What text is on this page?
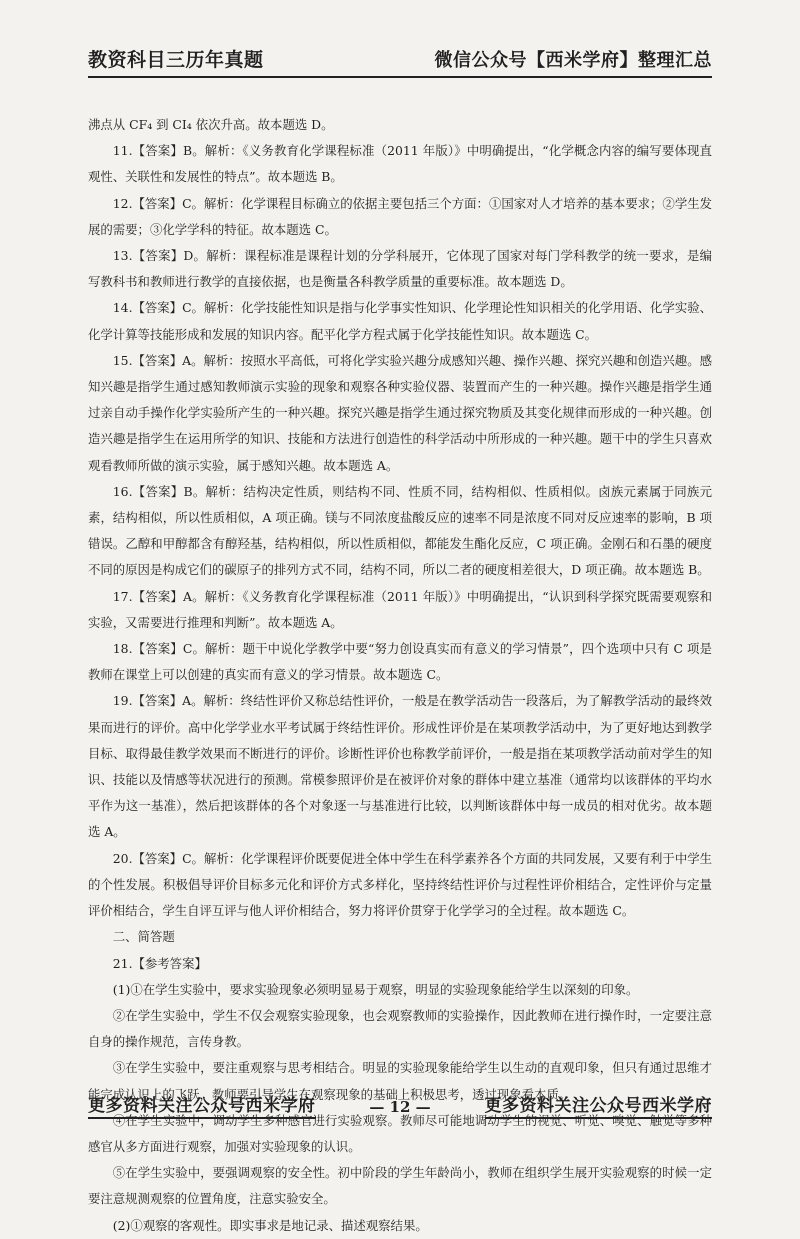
教资科目三历年真题	微信公众号【西米学府】整理汇总

沸点从 CF₄ 到 CI₄ 依次升高。故本题选 D。

11.【答案】B。解析：《义务教育化学课程标准（2011 年版）》中明确提出，“化学概念内容的编写要体现直观性、关联性和发展性的特点”。故本题选 B。

12.【答案】C。解析：化学课程目标确立的依据主要包括三个方面：①国家对人才培养的基本要求；②学生发展的需要；③化学学科的特征。故本题选 C。

13.【答案】D。解析：课程标准是课程计划的分学科展开，它体现了国家对每门学科教学的统一要求，是编写教科书和教师进行教学的直接依据，也是衡量各科教学质量的重要标准。故本题选 D。

14.【答案】C。解析：化学技能性知识是指与化学事实性知识、化学理论性知识相关的化学用语、化学实验、化学计算等技能形成和发展的知识内容。配平化学方程式属于化学技能性知识。故本题选 C。

15.【答案】A。解析：按照水平高低，可将化学实验兴趣分成感知兴趣、操作兴趣、探究兴趣和创造兴趣。感知兴趣是指学生通过感知教师演示实验的现象和观察各种实验仪器、装置而产生的一种兴趣。操作兴趣是指学生通过亲自动手操作化学实验所产生的一种兴趣。探究兴趣是指学生通过探究物质及其变化规律而形成的一种兴趣。创造兴趣是指学生在运用所学的知识、技能和方法进行创造性的科学活动中所形成的一种兴趣。题干中的学生只喜欢观看教师所做的演示实验，属于感知兴趣。故本题选 A。

16.【答案】B。解析：结构决定性质，则结构不同、性质不同，结构相似、性质相似。卤族元素属于同族元素，结构相似，所以性质相似，A 项正确。镁与不同浓度盐酸反应的速率不同是浓度不同对反应速率的影响，B 项错误。乙醇和甲醇都含有醇羟基，结构相似，所以性质相似，都能发生酯化反应，C 项正确。金刚石和石墨的硬度不同的原因是构成它们的碳原子的排列方式不同，结构不同，所以二者的硬度相差很大，D 项正确。故本题选 B。

17.【答案】A。解析：《义务教育化学课程标准（2011 年版）》中明确提出，“认识到科学探究既需要观察和实验，又需要进行推理和判断”。故本题选 A。

18.【答案】C。解析：题干中说化学教学中要“努力创设真实而有意义的学习情景”，四个选项中只有 C 项是教师在课堂上可以创建的真实而有意义的学习情景。故本题选 C。

19.【答案】A。解析：终结性评价又称总结性评价，一般是在教学活动告一段落后，为了解教学活动的最终效果而进行的评价。高中化学学业水平考试属于终结性评价。形成性评价是在某项教学活动中，为了更好地达到教学目标、取得最佳教学效果而不断进行的评价。诊断性评价也称教学前评价，一般是指在某项教学活动前对学生的知识、技能以及情感等状况进行的预测。常模参照评价是在被评价对象的群体中建立基准（通常均以该群体的平均水平作为这一基准），然后把该群体的各个对象逐一与基准进行比较，以判断该群体中每一成员的相对优劣。故本题选 A。

20.【答案】C。解析：化学课程评价既要促进全体中学生在科学素养各个方面的共同发展，又要有利于中学生的个性发展。积极倡导评价目标多元化和评价方式多样化，坚持终结性评价与过程性评价相结合，定性评价与定量评价相结合，学生自评互评与他人评价相结合，努力将评价贯穿于化学学习的全过程。故本题选 C。

二、简答题

21.【参考答案】

(1)①在学生实验中，要求实验现象必须明显易于观察，明显的实验现象能给学生以深刻的印象。

②在学生实验中，学生不仅会观察实验现象，也会观察教师的实验操作，因此教师在进行操作时，一定要注意自身的操作规范，言传身教。

③在学生实验中，要注重观察与思考相结合。明显的实验现象能给学生以生动的直观印象，但只有通过思维才能完成认识上的飞跃，教师要引导学生在观察现象的基础上积极思考，透过现象看本质。

④在学生实验中，调动学生多种感官进行实验观察。教师尽可能地调动学生的视觉、听觉、嗅觉、触觉等多种感官从多方面进行观察，加强对实验现象的认识。

⑤在学生实验中，要强调观察的安全性。初中阶段的学生年龄尚小，教师在组织学生展开实验观察的时候一定要注意规测观察的位置角度，注意实验安全。

(2)①观察的客观性。即实事求是地记录、描述观察结果。

更多资料关注公众号西米学府	— 12 —	更多资料关注公众号西米学府
